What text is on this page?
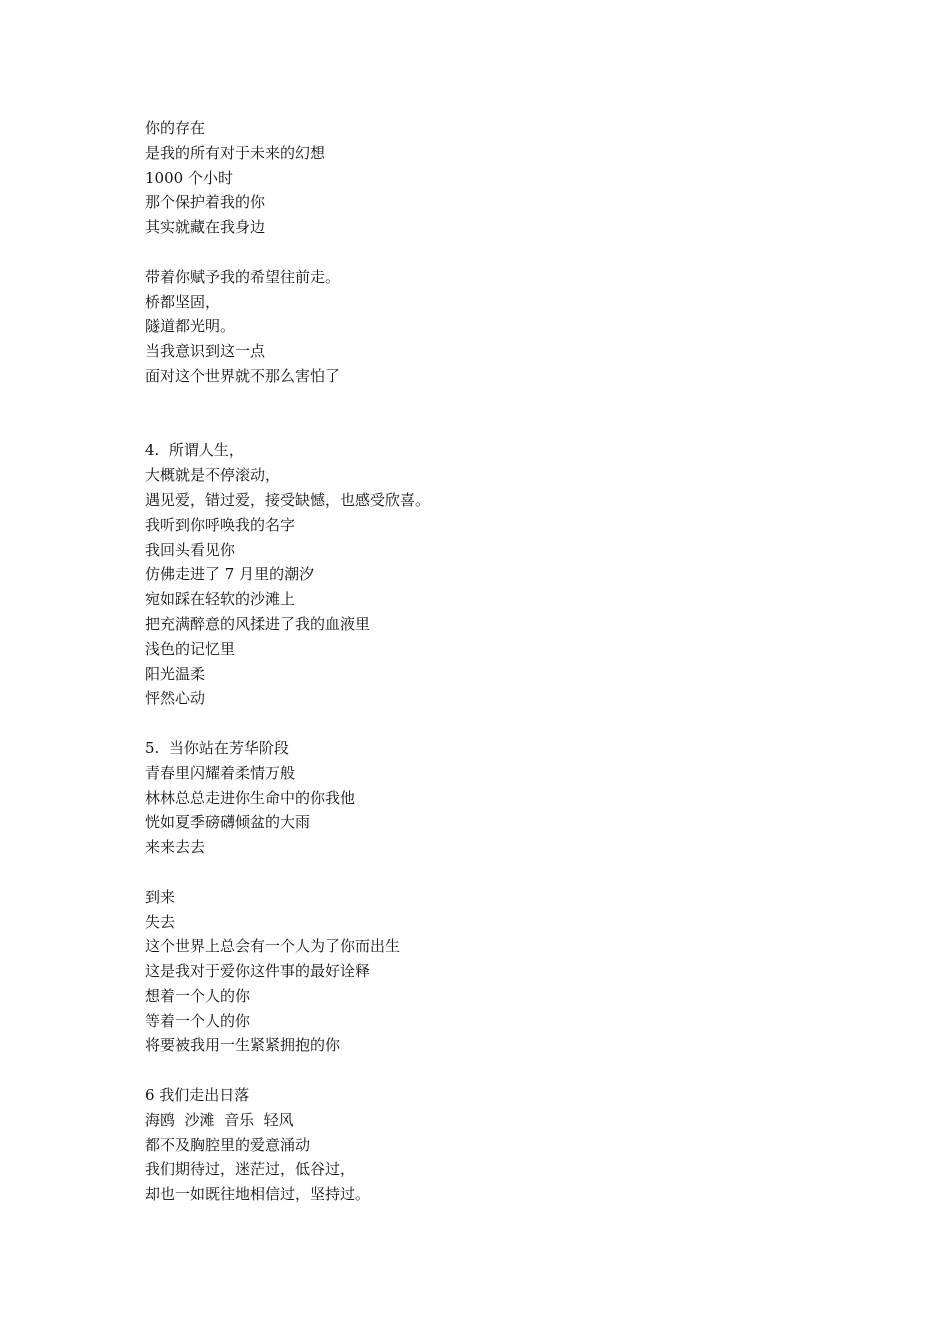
你的存在
是我的所有对于未来的幻想
1000 个小时
那个保护着我的你
其实就藏在我身边
带着你赋予我的希望往前走。
桥都坚固，
隧道都光明。
当我意识到这一点
面对这个世界就不那么害怕了
4.  所谓人生，
大概就是不停滚动，
遇见爱，错过爱，接受缺憾，也感受欣喜。
我听到你呼唤我的名字
我回头看见你
仿佛走进了 7 月里的潮汐
宛如踩在轻软的沙滩上
把充满醉意的风揉进了我的血液里
浅色的记忆里
阳光温柔
怦然心动
5.  当你站在芳华阶段
青春里闪耀着柔情万般
林林总总走进你生命中的你我他
恍如夏季磅礴倾盆的大雨
来来去去
到来
失去
这个世界上总会有一个人为了你而出生
这是我对于爱你这件事的最好诠释
想着一个人的你
等着一个人的你
将要被我用一生紧紧拥抱的你
6 我们走出日落
海鸥  沙滩  音乐  轻风
都不及胸腔里的爱意涌动
我们期待过，迷茫过，低谷过，
却也一如既往地相信过，坚持过。
